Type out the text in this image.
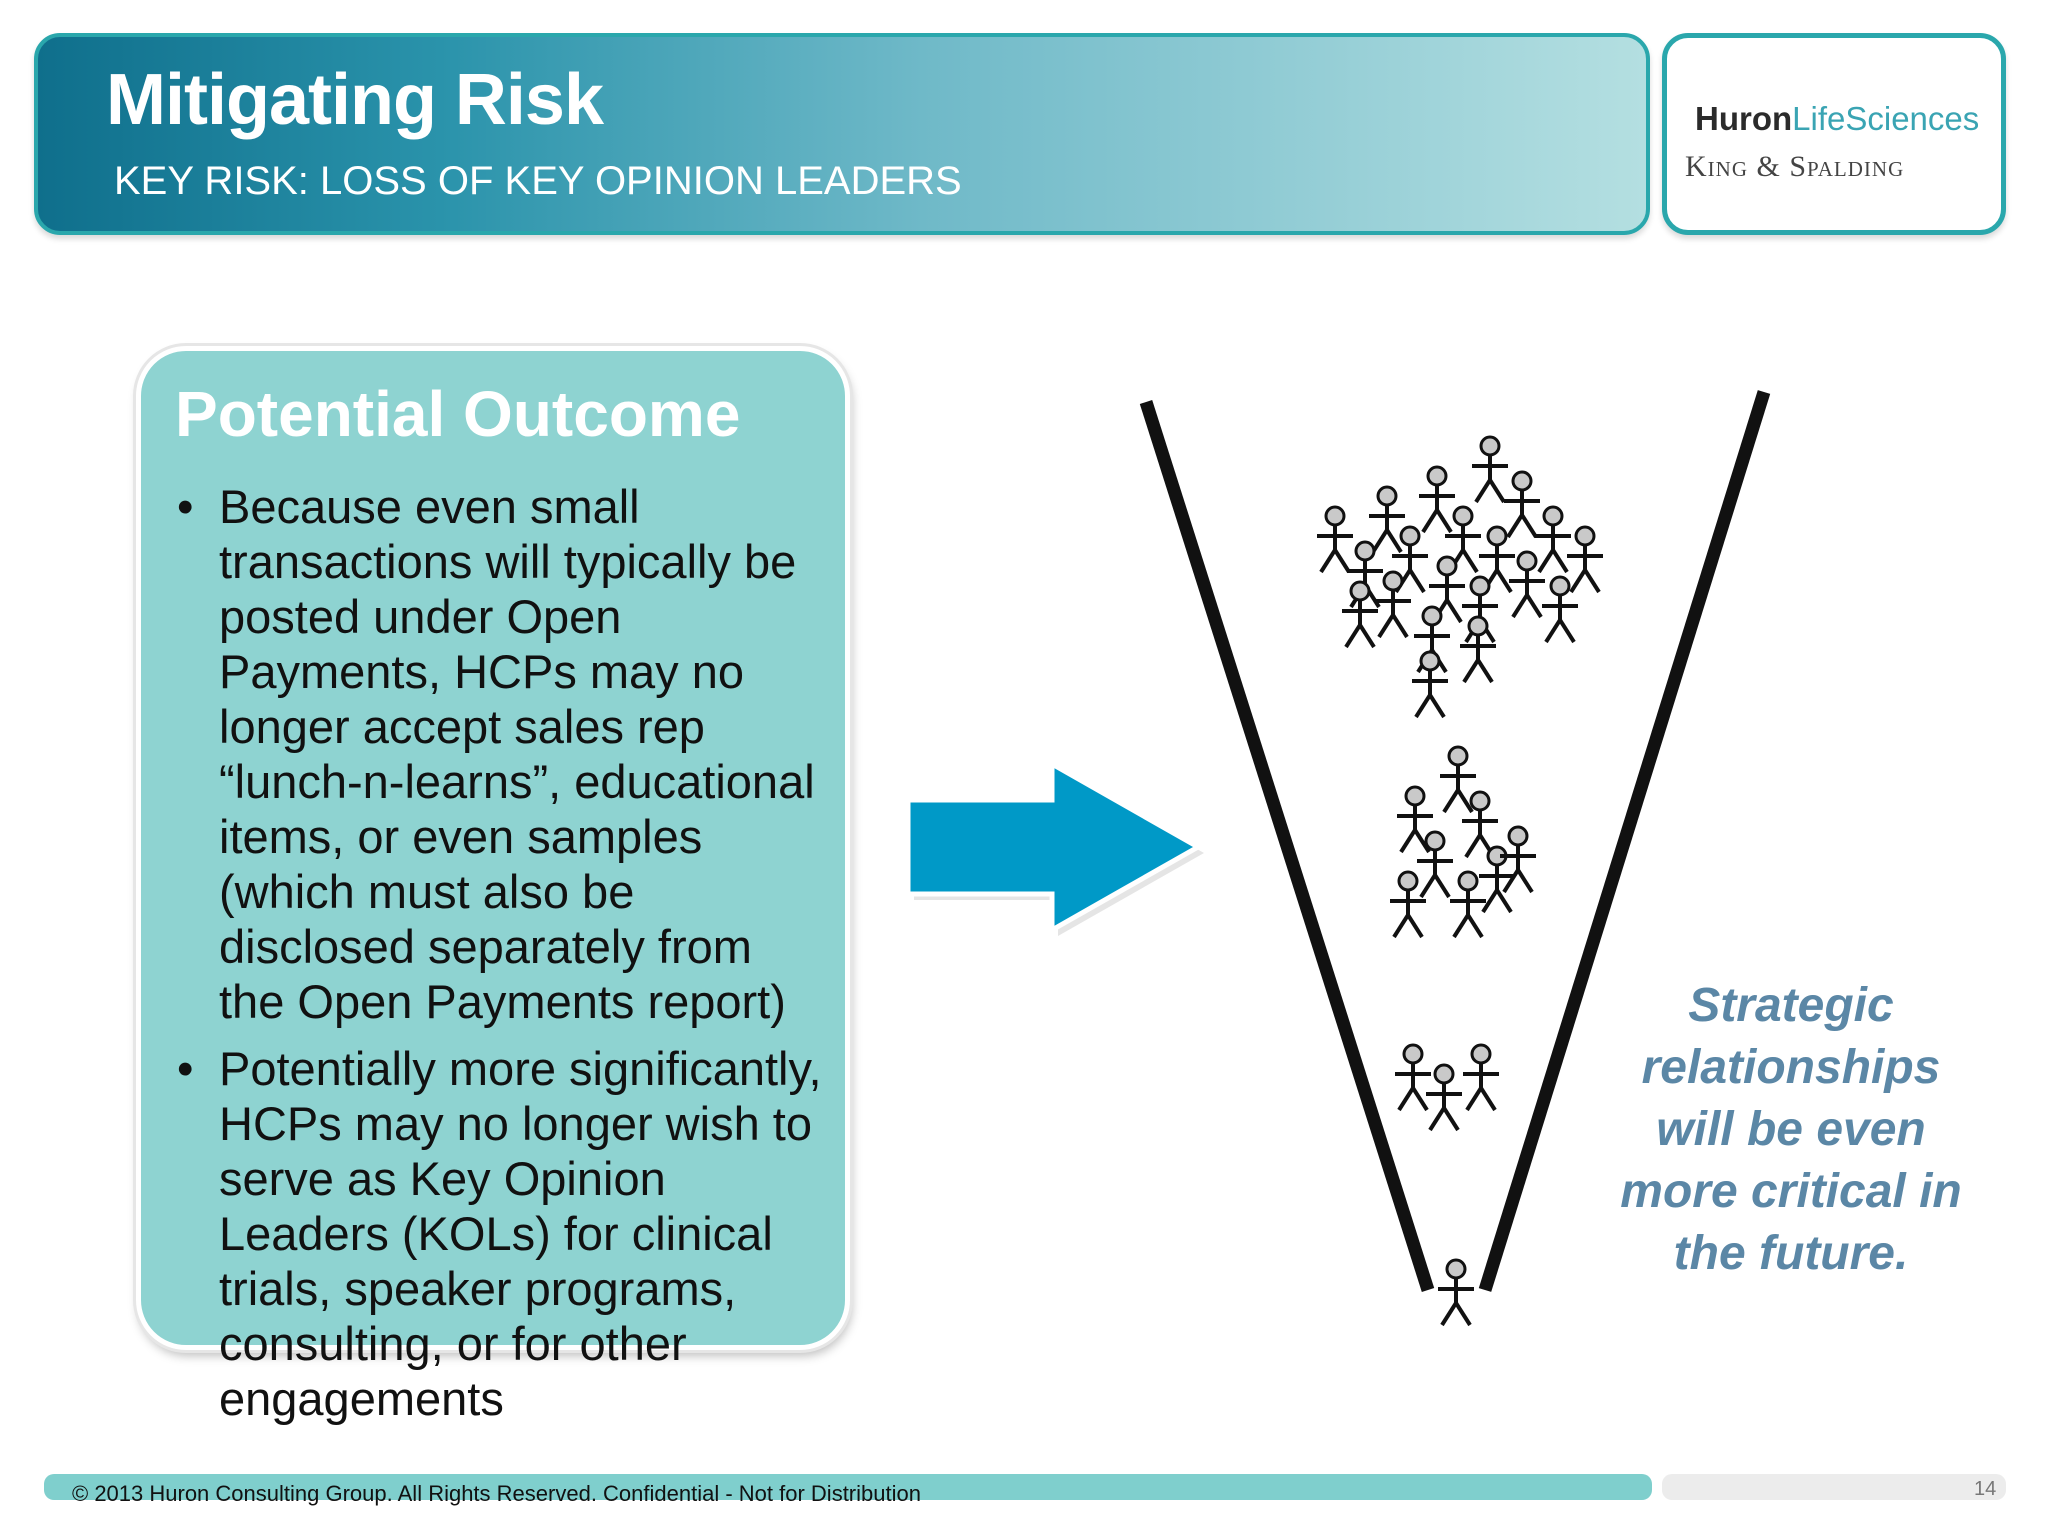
Mitigating Risk
KEY RISK: LOSS OF KEY OPINION LEADERS
HuronLifeSciences
King & Spalding
Potential Outcome
• Because even small transactions will typically be posted under Open Payments, HCPs may no longer accept sales rep “lunch-n-learns”, educational items, or even samples (which must also be disclosed separately from the Open Payments report)
• Potentially more significantly, HCPs may no longer wish to serve as Key Opinion Leaders (KOLs) for clinical trials, speaker programs, consulting, or for other engagements
Strategic relationships will be even more critical in the future.
© 2013 Huron Consulting Group. All Rights Reserved. Confidential - Not for Distribution	14
